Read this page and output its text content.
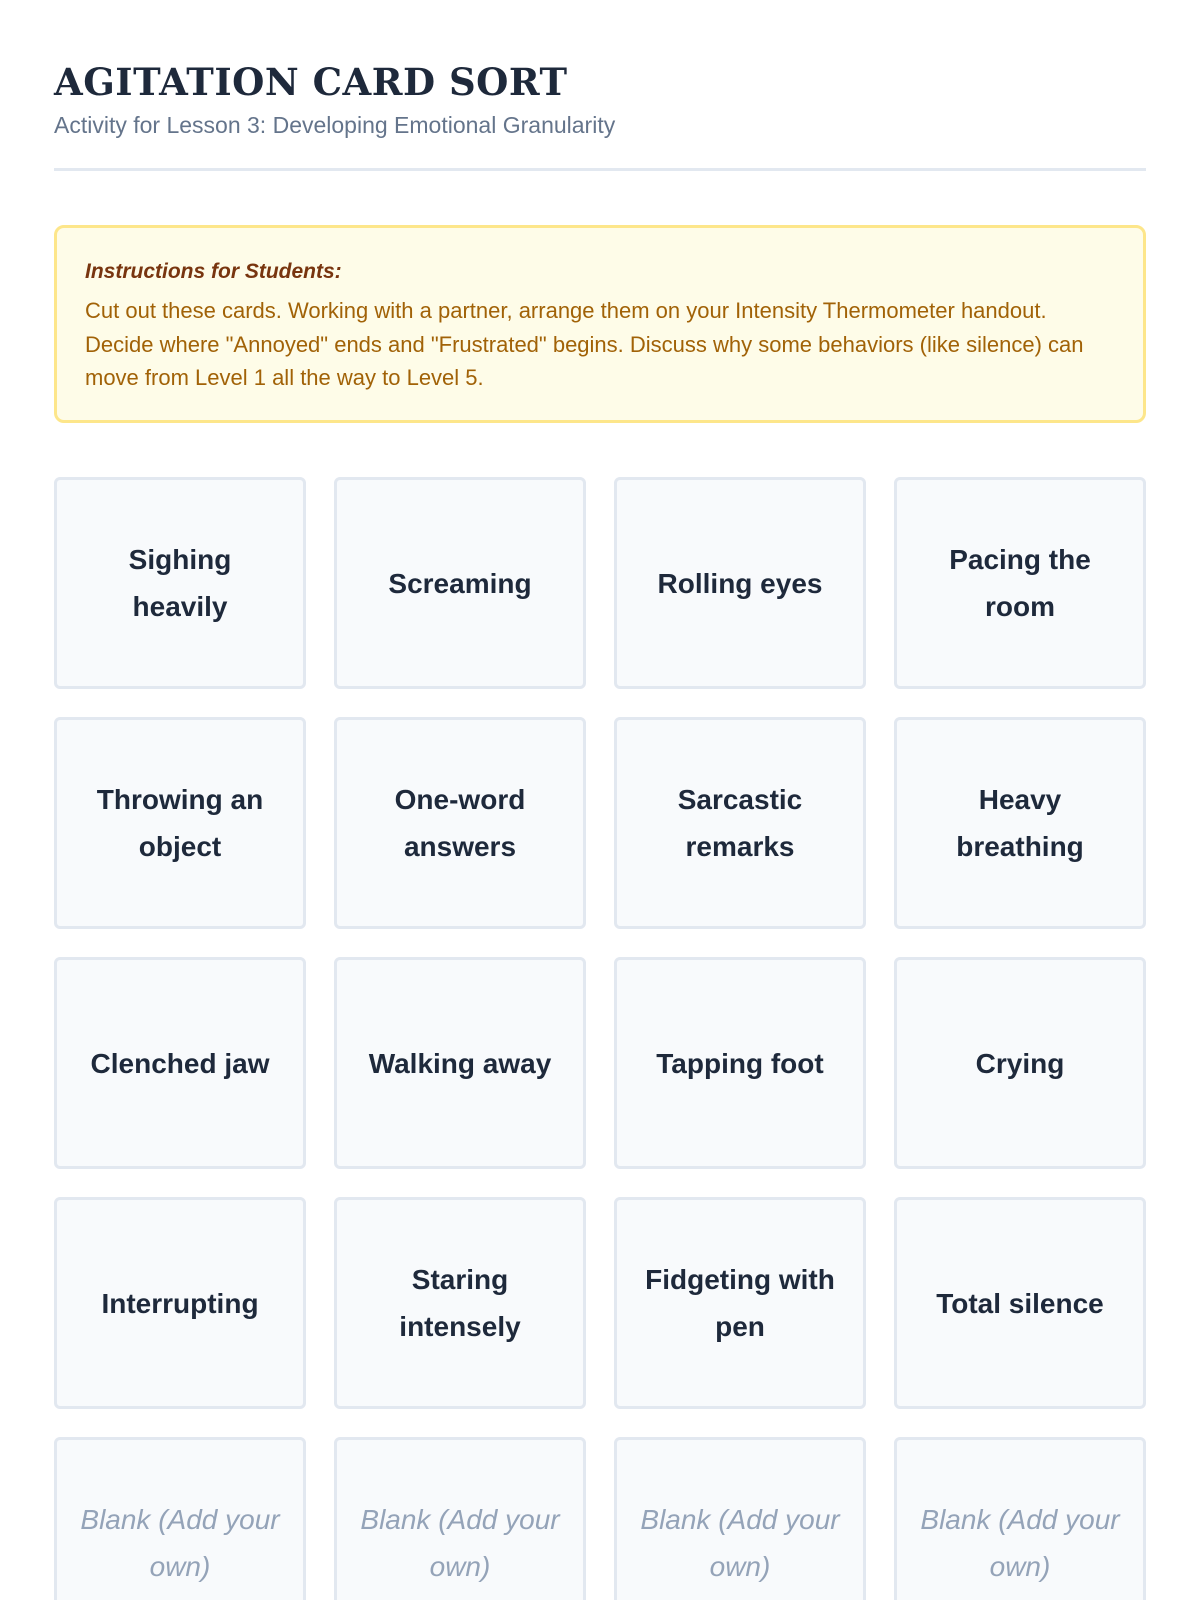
AGITATION CARD SORT
Activity for Lesson 3: Developing Emotional Granularity
Instructions for Students:
Cut out these cards. Working with a partner, arrange them on your Intensity Thermometer handout. Decide where "Annoyed" ends and "Frustrated" begins. Discuss why some behaviors (like silence) can move from Level 1 all the way to Level 5.
Sighing heavily
Screaming	Rolling eyes
Pacing the room
Throwing an object
One-word answers
Sarcastic remarks
Heavy breathing
Clenched jaw	Walking away	Tapping foot	Crying
Interrupting
Staring intensely
Fidgeting with pen
Total silence
Blank (Add your own)
Blank (Add your own)
Blank (Add your own)
Blank (Add your own)
